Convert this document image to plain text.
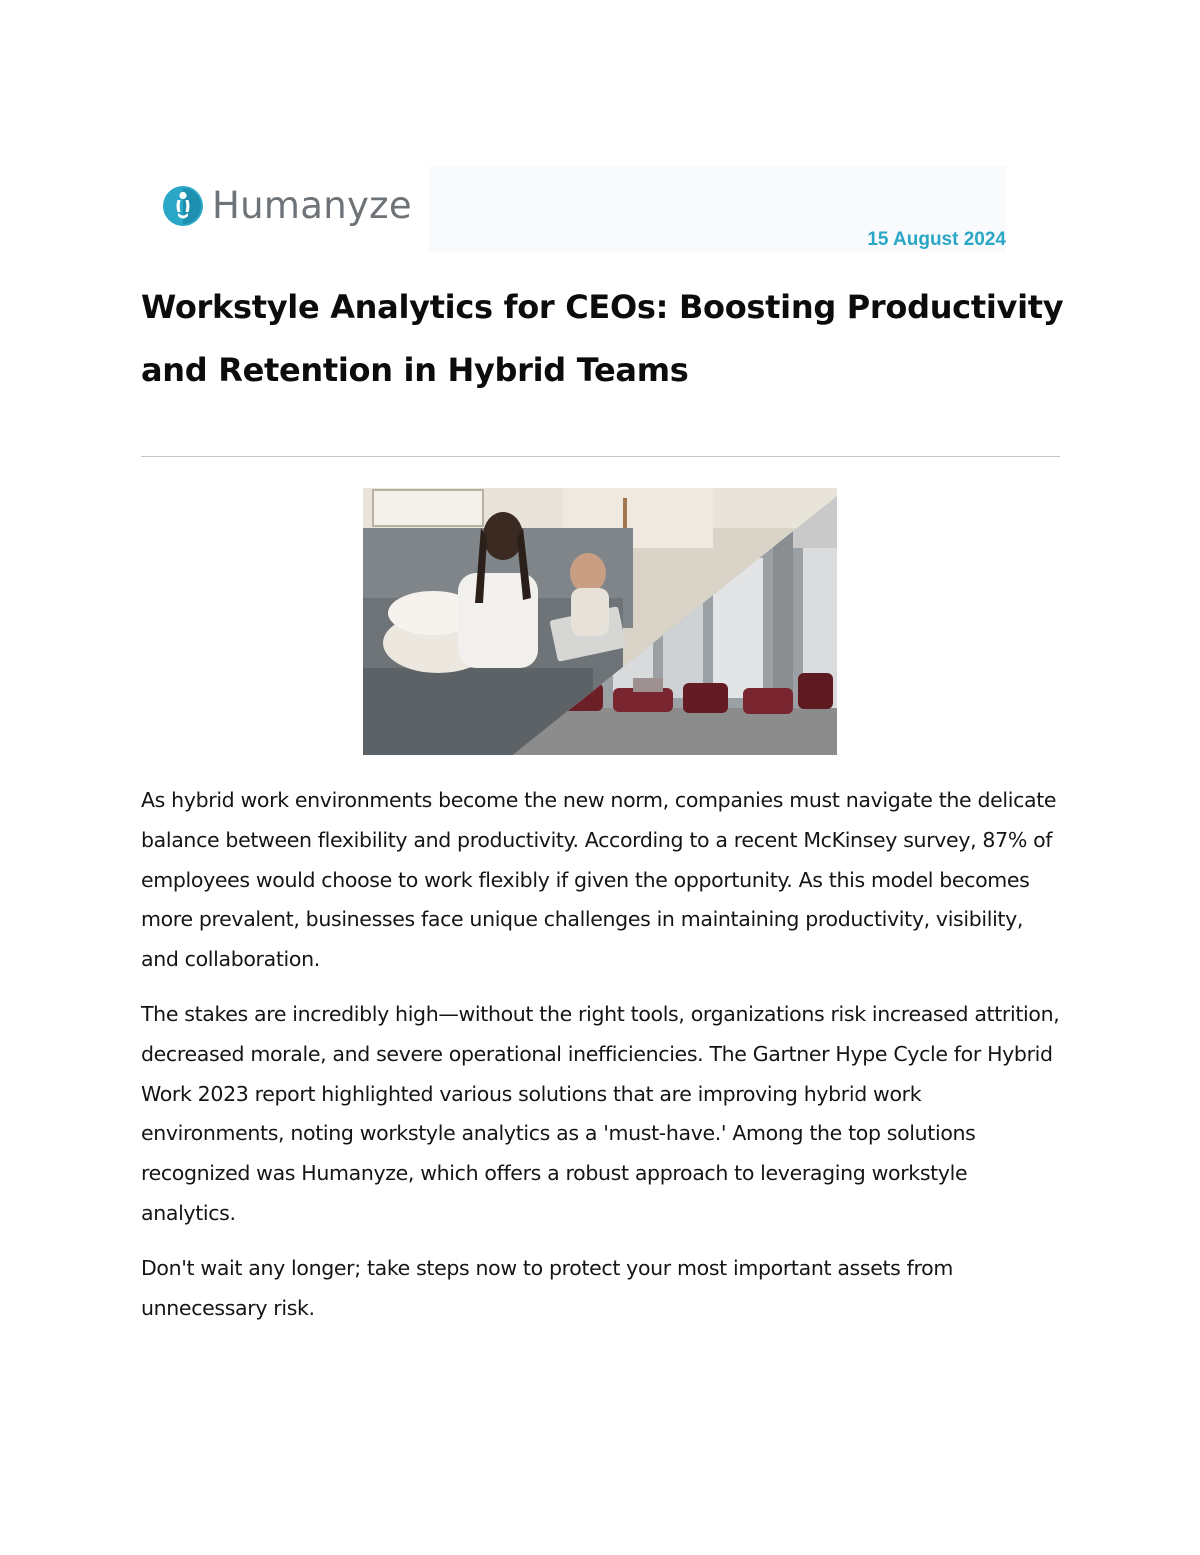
Humanyze
15 August 2024
Workstyle Analytics for CEOs: Boosting Productivity and Retention in Hybrid Teams

As hybrid work environments become the new norm, companies must navigate the delicate balance between flexibility and productivity. According to a recent McKinsey survey, 87% of employees would choose to work flexibly if given the opportunity. As this model becomes more prevalent, businesses face unique challenges in maintaining productivity, visibility, and collaboration.

The stakes are incredibly high—without the right tools, organizations risk increased attrition, decreased morale, and severe operational inefficiencies. The Gartner Hype Cycle for Hybrid Work 2023 report highlighted various solutions that are improving hybrid work environments, noting workstyle analytics as a 'must-have.' Among the top solutions recognized was Humanyze, which offers a robust approach to leveraging workstyle analytics.

Don't wait any longer; take steps now to protect your most important assets from unnecessary risk.
